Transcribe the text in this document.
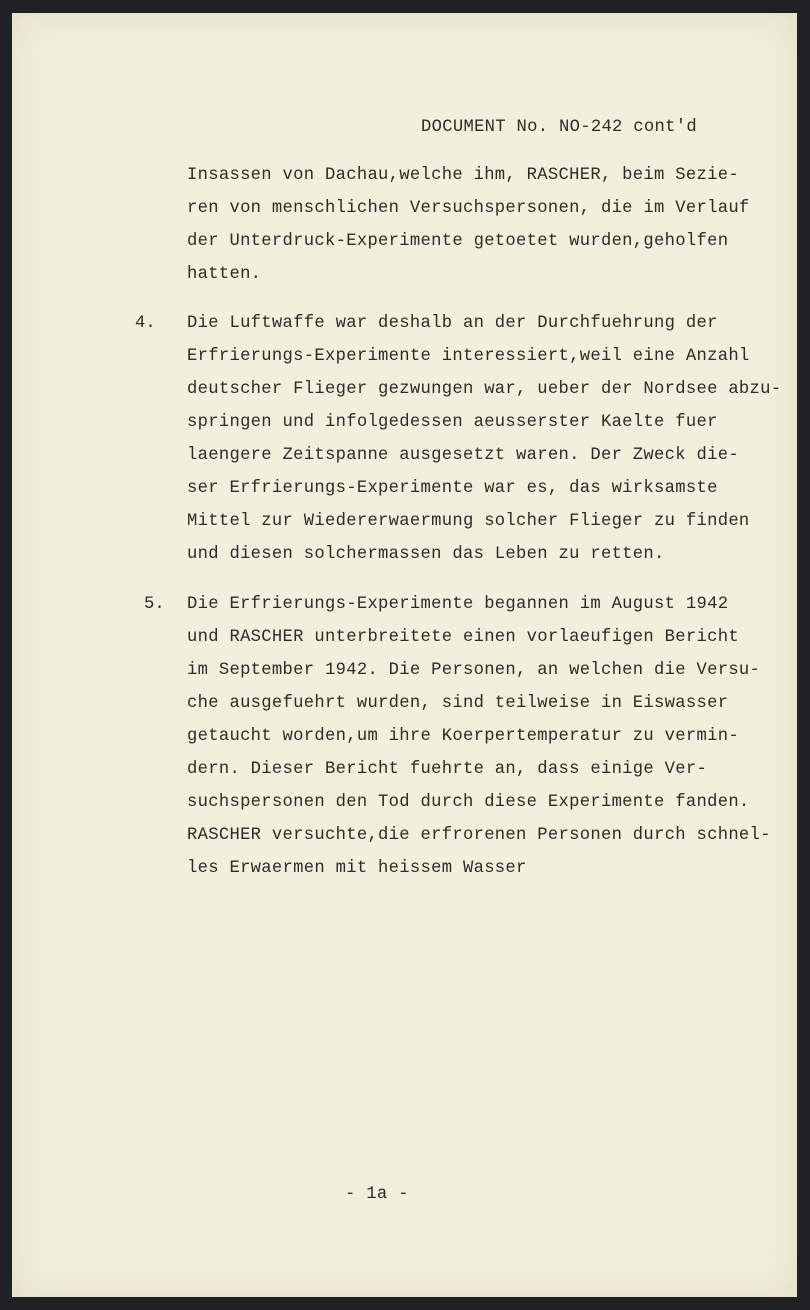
DOCUMENT No. NO-242 cont'd
Insassen von Dachau,welche ihm, RASCHER, beim Sezie-
ren von menschlichen Versuchspersonen, die im Verlauf
der Unterdruck-Experimente getoetet wurden,geholfen
hatten.
4. Die Luftwaffe war deshalb an der Durchfuehrung der
Erfrierungs-Experimente interessiert,weil eine Anzahl
deutscher Flieger gezwungen war, ueber der Nordsee abzu-
springen und infolgedessen aeusserster Kaelte fuer
laengere Zeitspanne ausgesetzt waren. Der Zweck die-
ser Erfrierungs-Experimente war es, das wirksamste
Mittel zur Wiedererwaermung solcher Flieger zu finden
und diesen solchermassen das Leben zu retten.
5. Die Erfrierungs-Experimente begannen im August 1942
und RASCHER unterbreitete einen vorlaeufigen Bericht
im September 1942. Die Personen, an welchen die Versu-
che ausgefuehrt wurden, sind teilweise in Eiswasser
getaucht worden,um ihre Koerpertemperatur zu vermin-
dern. Dieser Bericht fuehrte an, dass einige Ver-
suchspersonen den Tod durch diese Experimente fanden.
RASCHER versuchte,die erfrorenen Personen durch schnel-
les Erwaermen mit heissem Wasser
- 1a -
